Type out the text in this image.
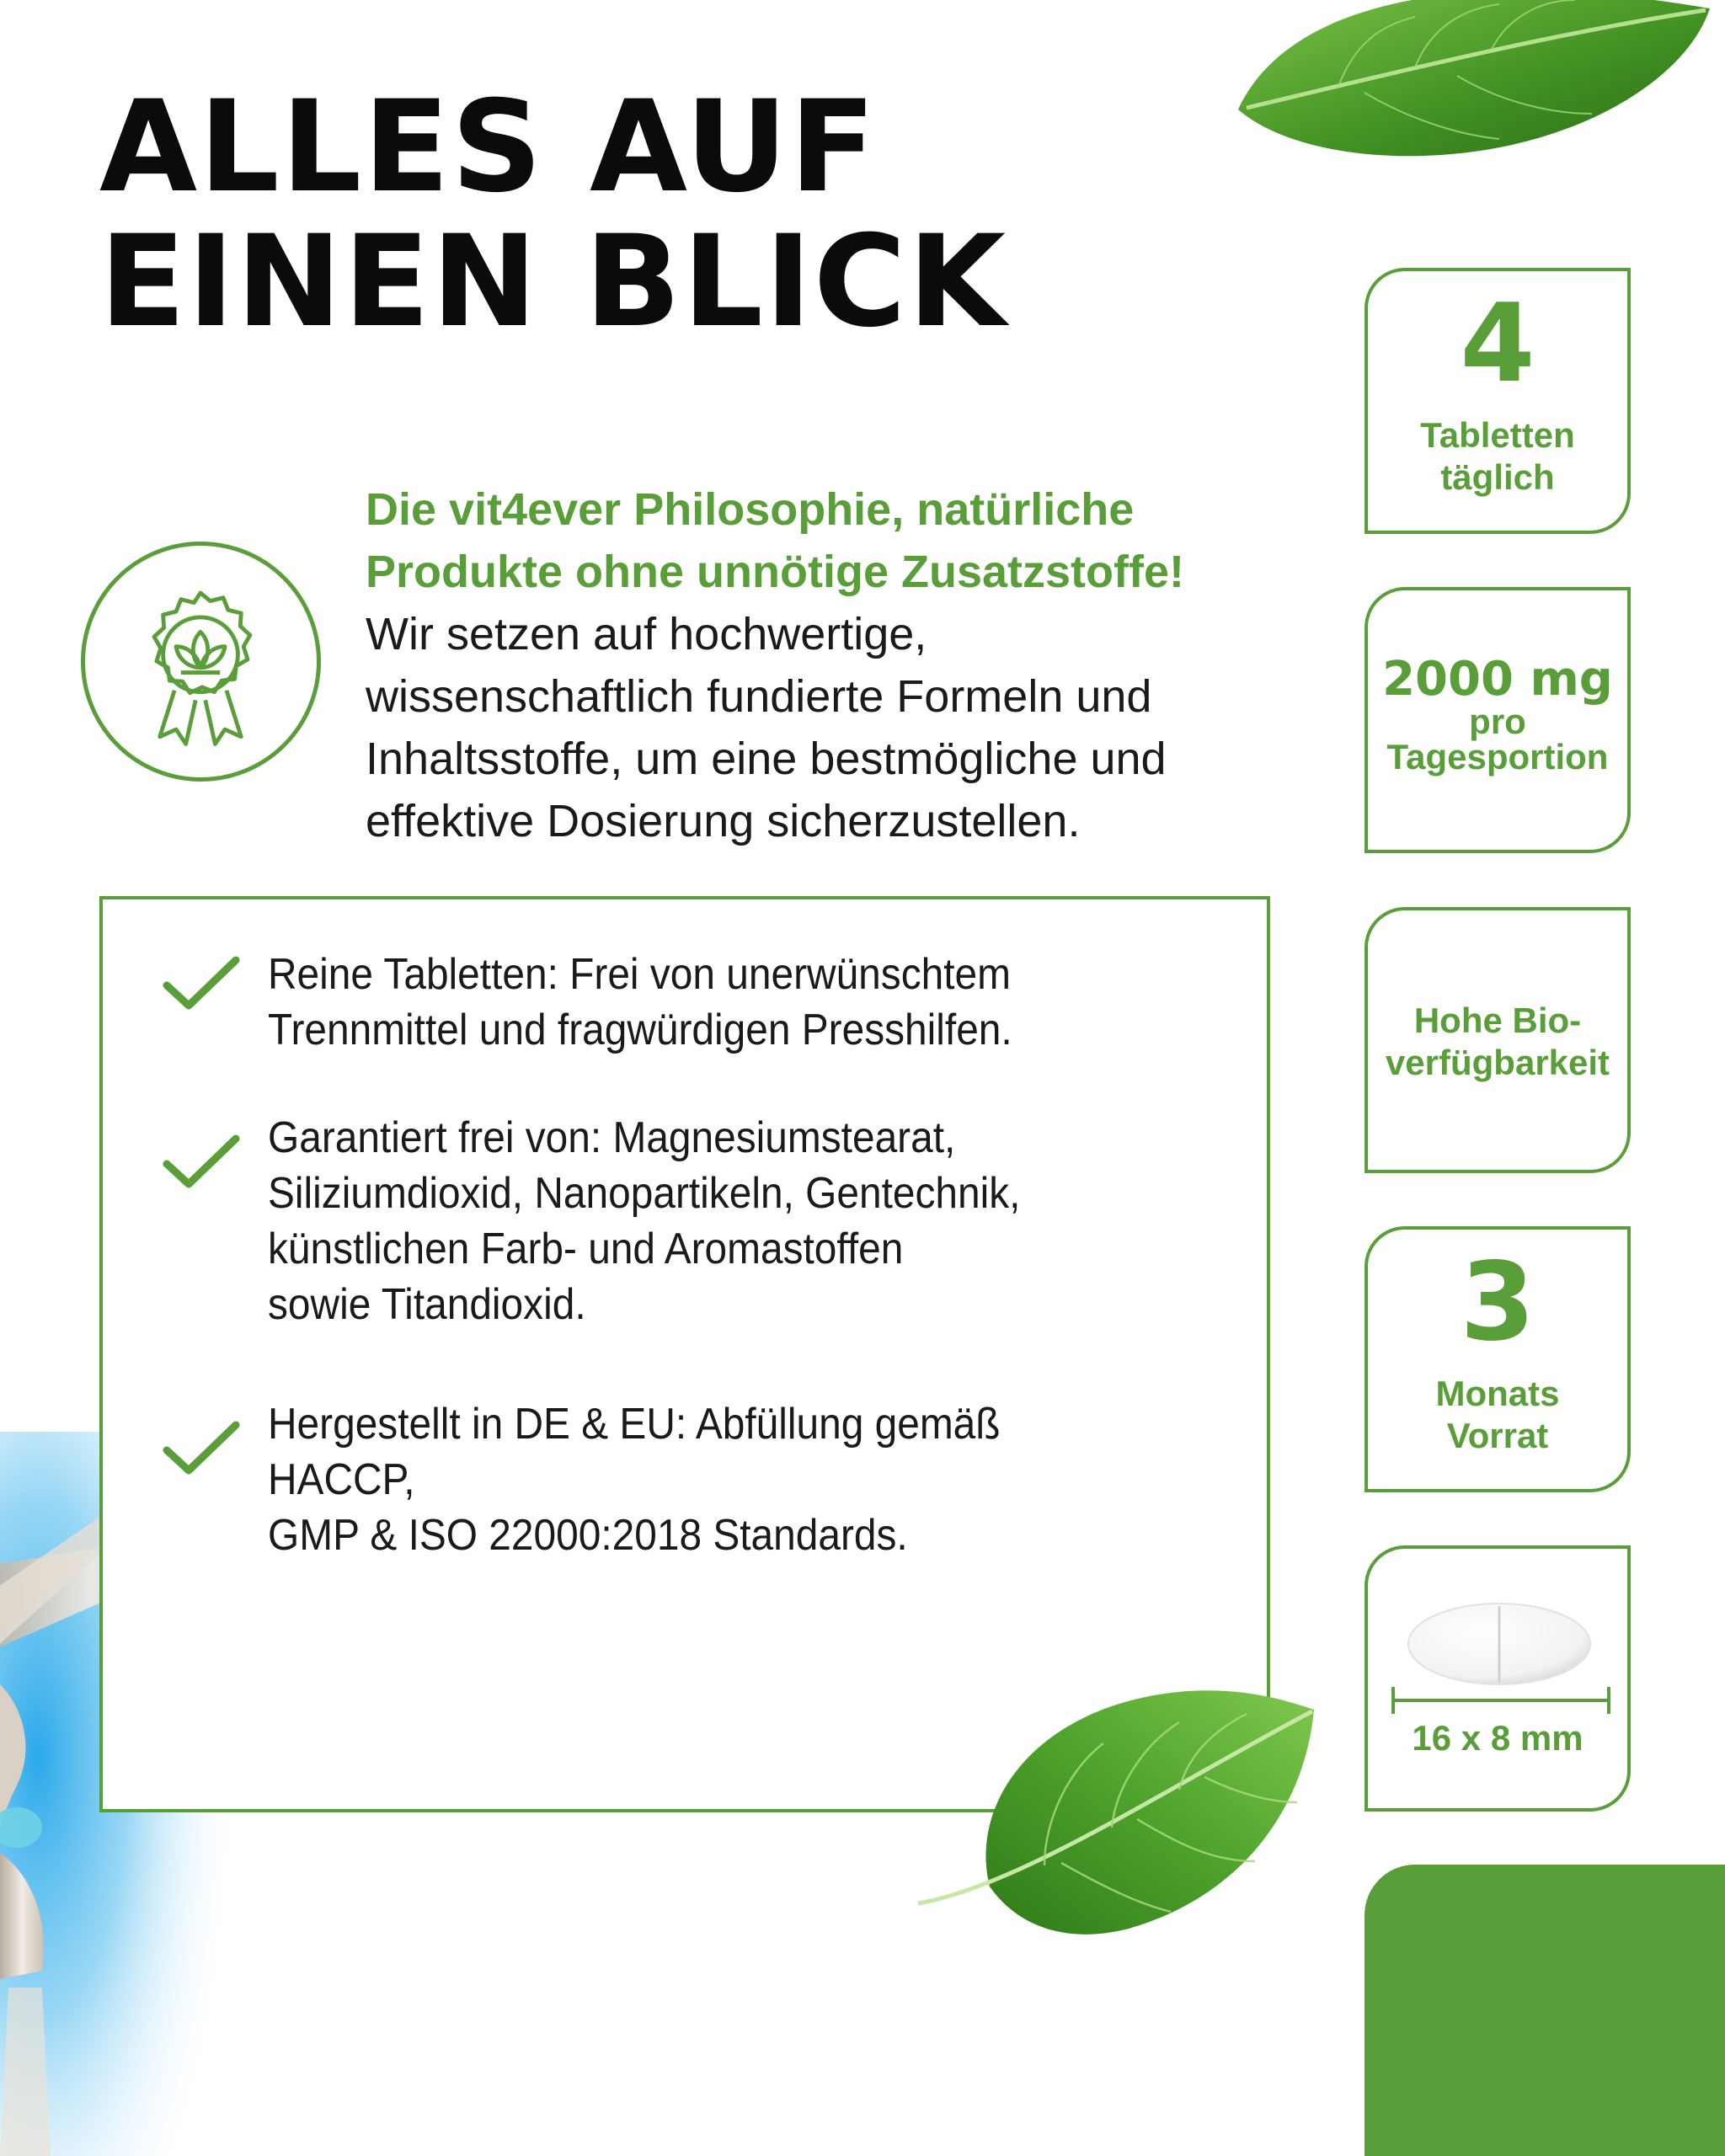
ALLES AUF
EINEN BLICK
Die vit4ever Philosophie, natürliche
Produkte ohne unnötige Zusatzstoffe!
Wir setzen auf hochwertige,
wissenschaftlich fundierte Formeln und
Inhaltsstoffe, um eine bestmögliche und
effektive Dosierung sicherzustellen.
Reine Tabletten: Frei von unerwünschtem
Trennmittel und fragwürdigen Presshilfen.
Garantiert frei von: Magnesiumstearat,
Siliziumdioxid, Nanopartikeln, Gentechnik,
künstlichen Farb- und Aromastoffen
sowie Titandioxid.
Hergestellt in DE & EU: Abfüllung gemäß HACCP,
GMP & ISO 22000:2018 Standards.
4
Tabletten
täglich
2000 mg
pro
Tagesportion
Hohe Bio-
verfügbarkeit
3
Monats
Vorrat
16 x 8 mm
